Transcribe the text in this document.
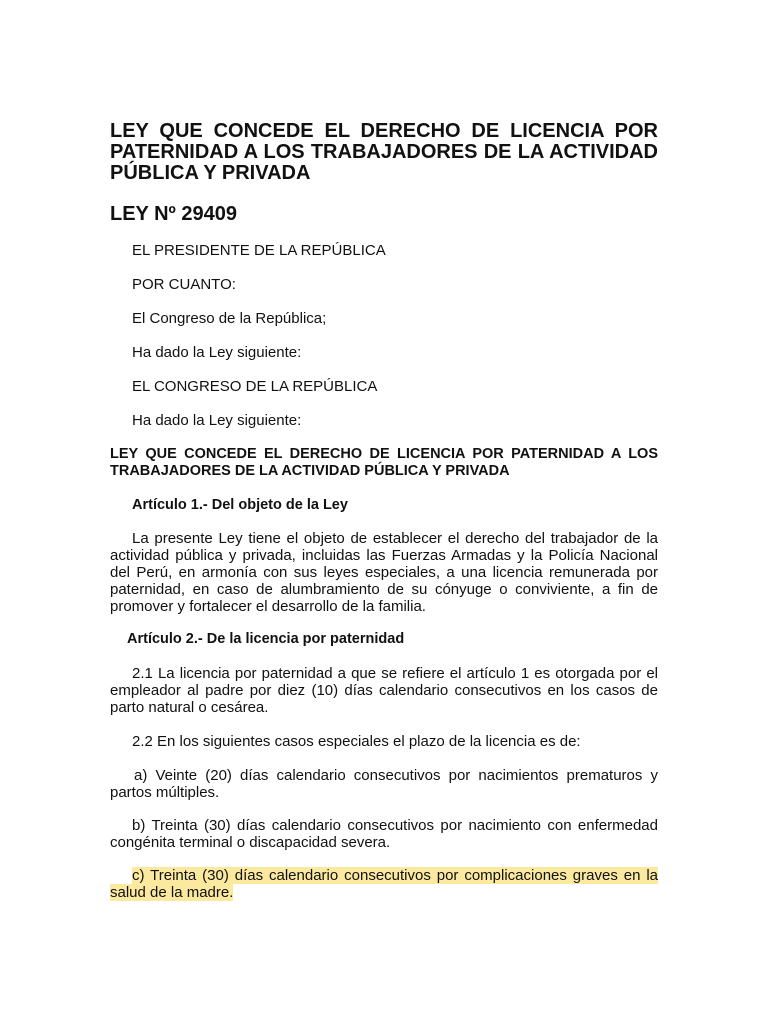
LEY QUE CONCEDE EL DERECHO DE LICENCIA POR PATERNIDAD A LOS TRABAJADORES DE LA ACTIVIDAD PÚBLICA Y PRIVADA
LEY Nº 29409

EL PRESIDENTE DE LA REPÚBLICA

POR CUANTO:

El Congreso de la República;

Ha dado la Ley siguiente:

EL CONGRESO DE LA REPÚBLICA

Ha dado la Ley siguiente:

LEY QUE CONCEDE EL DERECHO DE LICENCIA POR PATERNIDAD A LOS TRABAJADORES DE LA ACTIVIDAD PÚBLICA Y PRIVADA

Artículo 1.- Del objeto de la Ley

La presente Ley tiene el objeto de establecer el derecho del trabajador de la actividad pública y privada, incluidas las Fuerzas Armadas y la Policía Nacional del Perú, en armonía con sus leyes especiales, a una licencia remunerada por paternidad, en caso de alumbramiento de su cónyuge o conviviente, a fin de promover y fortalecer el desarrollo de la familia.

Artículo 2.- De la licencia por paternidad

2.1 La licencia por paternidad a que se refiere el artículo 1 es otorgada por el empleador al padre por diez (10) días calendario consecutivos en los casos de parto natural o cesárea.

2.2 En los siguientes casos especiales el plazo de la licencia es de:

a) Veinte (20) días calendario consecutivos por nacimientos prematuros y partos múltiples.

b) Treinta (30) días calendario consecutivos por nacimiento con enfermedad congénita terminal o discapacidad severa.

c) Treinta (30) días calendario consecutivos por complicaciones graves en la salud de la madre.
